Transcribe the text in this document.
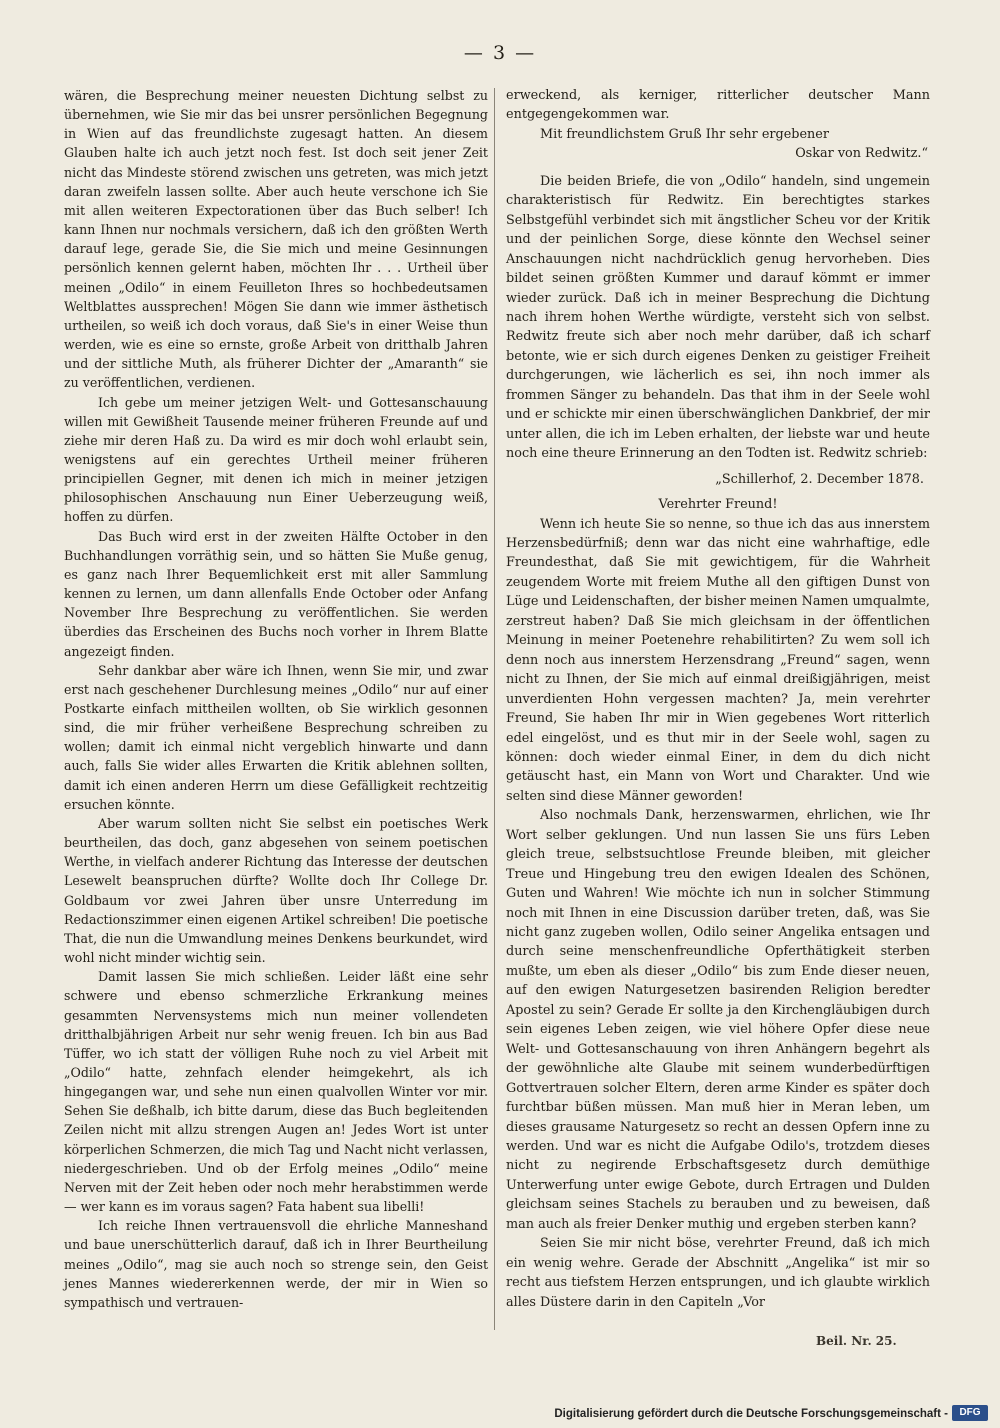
— 3 —

wären, die Besprechung meiner neuesten Dichtung selbst zu übernehmen, wie Sie mir das bei unsrer persönlichen Begegnung in Wien auf das freundlichste zugesagt hatten. An diesem Glauben halte ich auch jetzt noch fest. Ist doch seit jener Zeit nicht das Mindeste störend zwischen uns getreten, was mich jetzt daran zweifeln lassen sollte. Aber auch heute verschone ich Sie mit allen weiteren Expectorationen über das Buch selber! Ich kann Ihnen nur nochmals versichern, daß ich den größten Werth darauf lege, gerade Sie, die Sie mich und meine Gesinnungen persönlich kennen gelernt haben, möchten Ihr . . . Urtheil über meinen „Odilo“ in einem Feuilleton Ihres so hochbedeutsamen Weltblattes aussprechen! Mögen Sie dann wie immer ästhetisch urtheilen, so weiß ich doch voraus, daß Sie's in einer Weise thun werden, wie es eine so ernste, große Arbeit von dritthalb Jahren und der sittliche Muth, als früherer Dichter der „Amaranth“ sie zu veröffentlichen, verdienen.

Ich gebe um meiner jetzigen Welt- und Gottesanschauung willen mit Gewißheit Tausende meiner früheren Freunde auf und ziehe mir deren Haß zu. Da wird es mir doch wohl erlaubt sein, wenigstens auf ein gerechtes Urtheil meiner früheren principiellen Gegner, mit denen ich mich in meiner jetzigen philosophischen Anschauung nun Einer Ueberzeugung weiß, hoffen zu dürfen.

Das Buch wird erst in der zweiten Hälfte October in den Buchhandlungen vorräthig sein, und so hätten Sie Muße genug, es ganz nach Ihrer Bequemlichkeit erst mit aller Sammlung kennen zu lernen, um dann allenfalls Ende October oder Anfang November Ihre Besprechung zu veröffentlichen. Sie werden überdies das Erscheinen des Buchs noch vorher in Ihrem Blatte angezeigt finden.

Sehr dankbar aber wäre ich Ihnen, wenn Sie mir, und zwar erst nach geschehener Durchlesung meines „Odilo“ nur auf einer Postkarte einfach mittheilen wollten, ob Sie wirklich gesonnen sind, die mir früher verheißene Besprechung schreiben zu wollen; damit ich einmal nicht vergeblich hinwarte und dann auch, falls Sie wider alles Erwarten die Kritik ablehnen sollten, damit ich einen anderen Herrn um diese Gefälligkeit rechtzeitig ersuchen könnte.

Aber warum sollten nicht Sie selbst ein poetisches Werk beurtheilen, das doch, ganz abgesehen von seinem poetischen Werthe, in vielfach anderer Richtung das Interesse der deutschen Lesewelt beanspruchen dürfte? Wollte doch Ihr College Dr. Goldbaum vor zwei Jahren über unsre Unterredung im Redactionszimmer einen eigenen Artikel schreiben! Die poetische That, die nun die Umwandlung meines Denkens beurkundet, wird wohl nicht minder wichtig sein.

Damit lassen Sie mich schließen. Leider läßt eine sehr schwere und ebenso schmerzliche Erkrankung meines gesammten Nervensystems mich nun meiner vollendeten dritthalbjährigen Arbeit nur sehr wenig freuen. Ich bin aus Bad Tüffer, wo ich statt der völligen Ruhe noch zu viel Arbeit mit „Odilo“ hatte, zehnfach elender heimgekehrt, als ich hingegangen war, und sehe nun einen qualvollen Winter vor mir. Sehen Sie deßhalb, ich bitte darum, diese das Buch begleitenden Zeilen nicht mit allzu strengen Augen an! Jedes Wort ist unter körperlichen Schmerzen, die mich Tag und Nacht nicht verlassen, niedergeschrieben. Und ob der Erfolg meines „Odilo“ meine Nerven mit der Zeit heben oder noch mehr herabstimmen werde — wer kann es im voraus sagen? Fata habent sua libelli!

Ich reiche Ihnen vertrauensvoll die ehrliche Manneshand und baue unerschütterlich darauf, daß ich in Ihrer Beurtheilung meines „Odilo“, mag sie auch noch so strenge sein, den Geist jenes Mannes wiedererkennen werde, der mir in Wien so sympathisch und vertrauen-

erweckend, als kerniger, ritterlicher deutscher Mann entgegengekommen war.

Mit freundlichstem Gruß Ihr sehr ergebener

Oskar von Redwitz.“

Die beiden Briefe, die von „Odilo“ handeln, sind ungemein charakteristisch für Redwitz. Ein berechtigtes starkes Selbstgefühl verbindet sich mit ängstlicher Scheu vor der Kritik und der peinlichen Sorge, diese könnte den Wechsel seiner Anschauungen nicht nachdrücklich genug hervorheben. Dies bildet seinen größten Kummer und darauf kömmt er immer wieder zurück. Daß ich in meiner Besprechung die Dichtung nach ihrem hohen Werthe würdigte, versteht sich von selbst. Redwitz freute sich aber noch mehr darüber, daß ich scharf betonte, wie er sich durch eigenes Denken zu geistiger Freiheit durchgerungen, wie lächerlich es sei, ihn noch immer als frommen Sänger zu behandeln. Das that ihm in der Seele wohl und er schickte mir einen überschwänglichen Dankbrief, der mir unter allen, die ich im Leben erhalten, der liebste war und heute noch eine theure Erinnerung an den Todten ist. Redwitz schrieb:

„Schillerhof, 2. December 1878.

Verehrter Freund!

Wenn ich heute Sie so nenne, so thue ich das aus innerstem Herzensbedürfniß; denn war das nicht eine wahrhaftige, edle Freundesthat, daß Sie mit gewichtigem, für die Wahrheit zeugendem Worte mit freiem Muthe all den giftigen Dunst von Lüge und Leidenschaften, der bisher meinen Namen umqualmte, zerstreut haben? Daß Sie mich gleichsam in der öffentlichen Meinung in meiner Poetenehre rehabilitirten? Zu wem soll ich denn noch aus innerstem Herzensdrang „Freund“ sagen, wenn nicht zu Ihnen, der Sie mich auf einmal dreißigjährigen, meist unverdienten Hohn vergessen machten? Ja, mein verehrter Freund, Sie haben Ihr mir in Wien gegebenes Wort ritterlich edel eingelöst, und es thut mir in der Seele wohl, sagen zu können: doch wieder einmal Einer, in dem du dich nicht getäuscht hast, ein Mann von Wort und Charakter. Und wie selten sind diese Männer geworden!

Also nochmals Dank, herzenswarmen, ehrlichen, wie Ihr Wort selber geklungen. Und nun lassen Sie uns fürs Leben gleich treue, selbstsuchtlose Freunde bleiben, mit gleicher Treue und Hingebung treu den ewigen Idealen des Schönen, Guten und Wahren! Wie möchte ich nun in solcher Stimmung noch mit Ihnen in eine Discussion darüber treten, daß, was Sie nicht ganz zugeben wollen, Odilo seiner Angelika entsagen und durch seine menschenfreundliche Opferthätigkeit sterben mußte, um eben als dieser „Odilo“ bis zum Ende dieser neuen, auf den ewigen Naturgesetzen basirenden Religion beredter Apostel zu sein? Gerade Er sollte ja den Kirchengläubigen durch sein eigenes Leben zeigen, wie viel höhere Opfer diese neue Welt- und Gottesanschauung von ihren Anhängern begehrt als der gewöhnliche alte Glaube mit seinem wunderbedürftigen Gottvertrauen solcher Eltern, deren arme Kinder es später doch furchtbar büßen müssen. Man muß hier in Meran leben, um dieses grausame Naturgesetz so recht an dessen Opfern inne zu werden. Und war es nicht die Aufgabe Odilo's, trotzdem dieses nicht zu negirende Erbschaftsgesetz durch demüthige Unterwerfung unter ewige Gebote, durch Ertragen und Dulden gleichsam seines Stachels zu berauben und zu beweisen, daß man auch als freier Denker muthig und ergeben sterben kann?

Seien Sie mir nicht böse, verehrter Freund, daß ich mich ein wenig wehre. Gerade der Abschnitt „Angelika“ ist mir so recht aus tiefstem Herzen entsprungen, und ich glaubte wirklich alles Düstere darin in den Capiteln „Vor

Beil. Nr. 25.
Digitalisierung gefördert durch die Deutsche Forschungsgemeinschaft -	DFG
